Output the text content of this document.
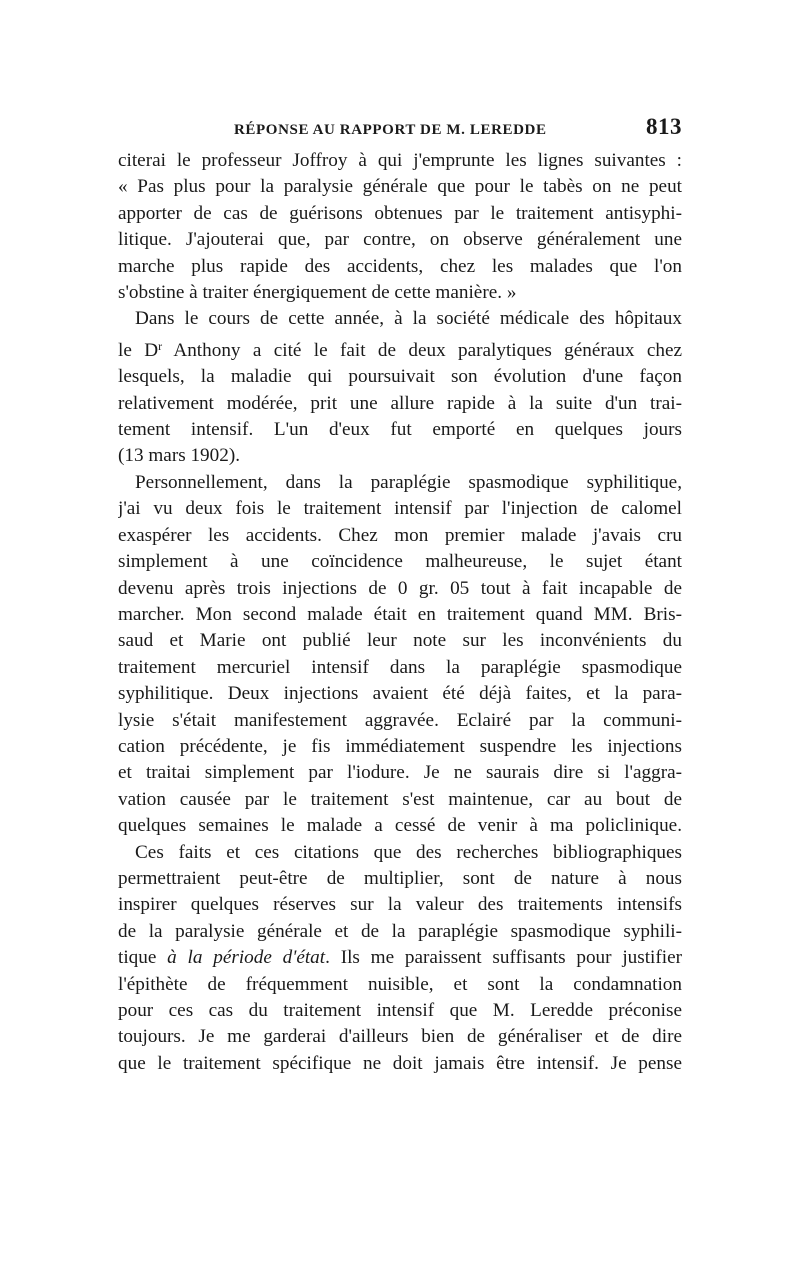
RÉPONSE AU RAPPORT DE M. LEREDDE	813
citerai le professeur Joffroy à qui j'emprunte les lignes suivantes :
« Pas plus pour la paralysie générale que pour le tabès on ne peut
apporter de cas de guérisons obtenues par le traitement antisyphi-
litique. J'ajouterai que, par contre, on observe généralement une
marche plus rapide des accidents, chez les malades que l'on
s'obstine à traiter énergiquement de cette manière. »
Dans le cours de cette année, à la société médicale des hôpitaux
le $D^r$ Anthony a cité le fait de deux paralytiques généraux chez
lesquels, la maladie qui poursuivait son évolution d'une façon
relativement modérée, prit une allure rapide à la suite d'un trai-
tement intensif. L'un d'eux fut emporté en quelques jours
(13 mars 1902).
Personnellement, dans la paraplégie spasmodique syphilitique,
j'ai vu deux fois le traitement intensif par l'injection de calomel
exaspérer les accidents. Chez mon premier malade j'avais cru
simplement à une coïncidence malheureuse, le sujet étant
devenu après trois injections de 0 gr. 05 tout à fait incapable de
marcher. Mon second malade était en traitement quand MM. Bris-
saud et Marie ont publié leur note sur les inconvénients du
traitement mercuriel intensif dans la paraplégie spasmodique
syphilitique. Deux injections avaient été déjà faites, et la para-
lysie s'était manifestement aggravée. Eclairé par la communi-
cation précédente, je fis immédiatement suspendre les injections
et traitai simplement par l'iodure. Je ne saurais dire si l'aggra-
vation causée par le traitement s'est maintenue, car au bout de
quelques semaines le malade a cessé de venir à ma policlinique.
Ces faits et ces citations que des recherches bibliographiques
permettraient peut-être de multiplier, sont de nature à nous
inspirer quelques réserves sur la valeur des traitements intensifs
de la paralysie générale et de la paraplégie spasmodique syphili-
tique à la période d'état. Ils me paraissent suffisants pour justifier
l'épithète de fréquemment nuisible, et sont la condamnation
pour ces cas du traitement intensif que M. Leredde préconise
toujours. Je me garderai d'ailleurs bien de généraliser et de dire
que le traitement spécifique ne doit jamais être intensif. Je pense
